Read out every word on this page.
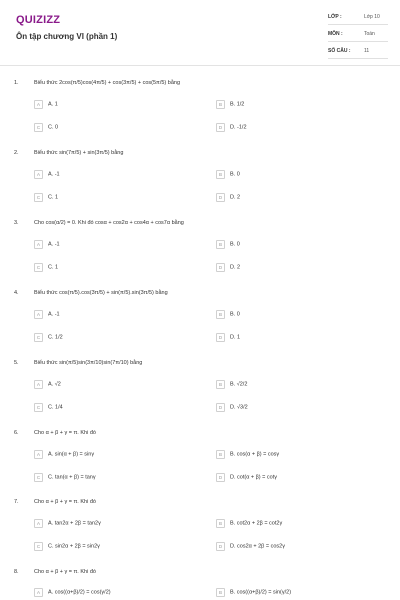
QUIZIZZ
Ôn tập chương VI (phần 1)
LỚP :	Lớp 10
MÔN :	Toán
SỐ CÂU :	11
1.	Biểu thức 2cos(π/5)cos(4π/5) + cos(3π/5) + cos(5π/5) bằng
A A. 1	B B. 1/2
C C. 0	D D. -1/2
2.	Biểu thức sin(7π/5) + sin(3π/5) bằng
A A. -1	B B. 0
C C. 1	D D. 2
3.	Cho cos(α/2) = 0. Khi đó cosα + cos2α + cos4α + cos7α bằng
A A. -1	B B. 0
C C. 1	D D. 2
4.	Biểu thức cos(π/5).cos(3π/5) + sin(π/5).sin(3π/5) bằng
A A. -1	B B. 0
C C. 1/2	D D. 1
5.	Biểu thức sin(π/5)sin(3π/10)sin(7π/10) bằng
A A. √2	B B. √2/2
C C. 1/4	D D. √3/2
6.	Cho α + β + γ = π. Khi đó
A A. sin(α + β) = sinγ	B B. cos(α + β) = cosγ
C C. tan(α + β) = tanγ	D D. cot(α + β) = cotγ
7.	Cho α + β + γ = π. Khi đó
A A. tan2α + 2β = tan2γ	B B. cot2α + 2β = cot2γ
C C. sin2α + 2β = sin2γ	D D. cos2α + 2β = cos2γ
8.	Cho α + β + γ = π. Khi đó
A A. cos((α+β)/2) = cos(γ/2)	B B. cos((α+β)/2) = sin(γ/2)
